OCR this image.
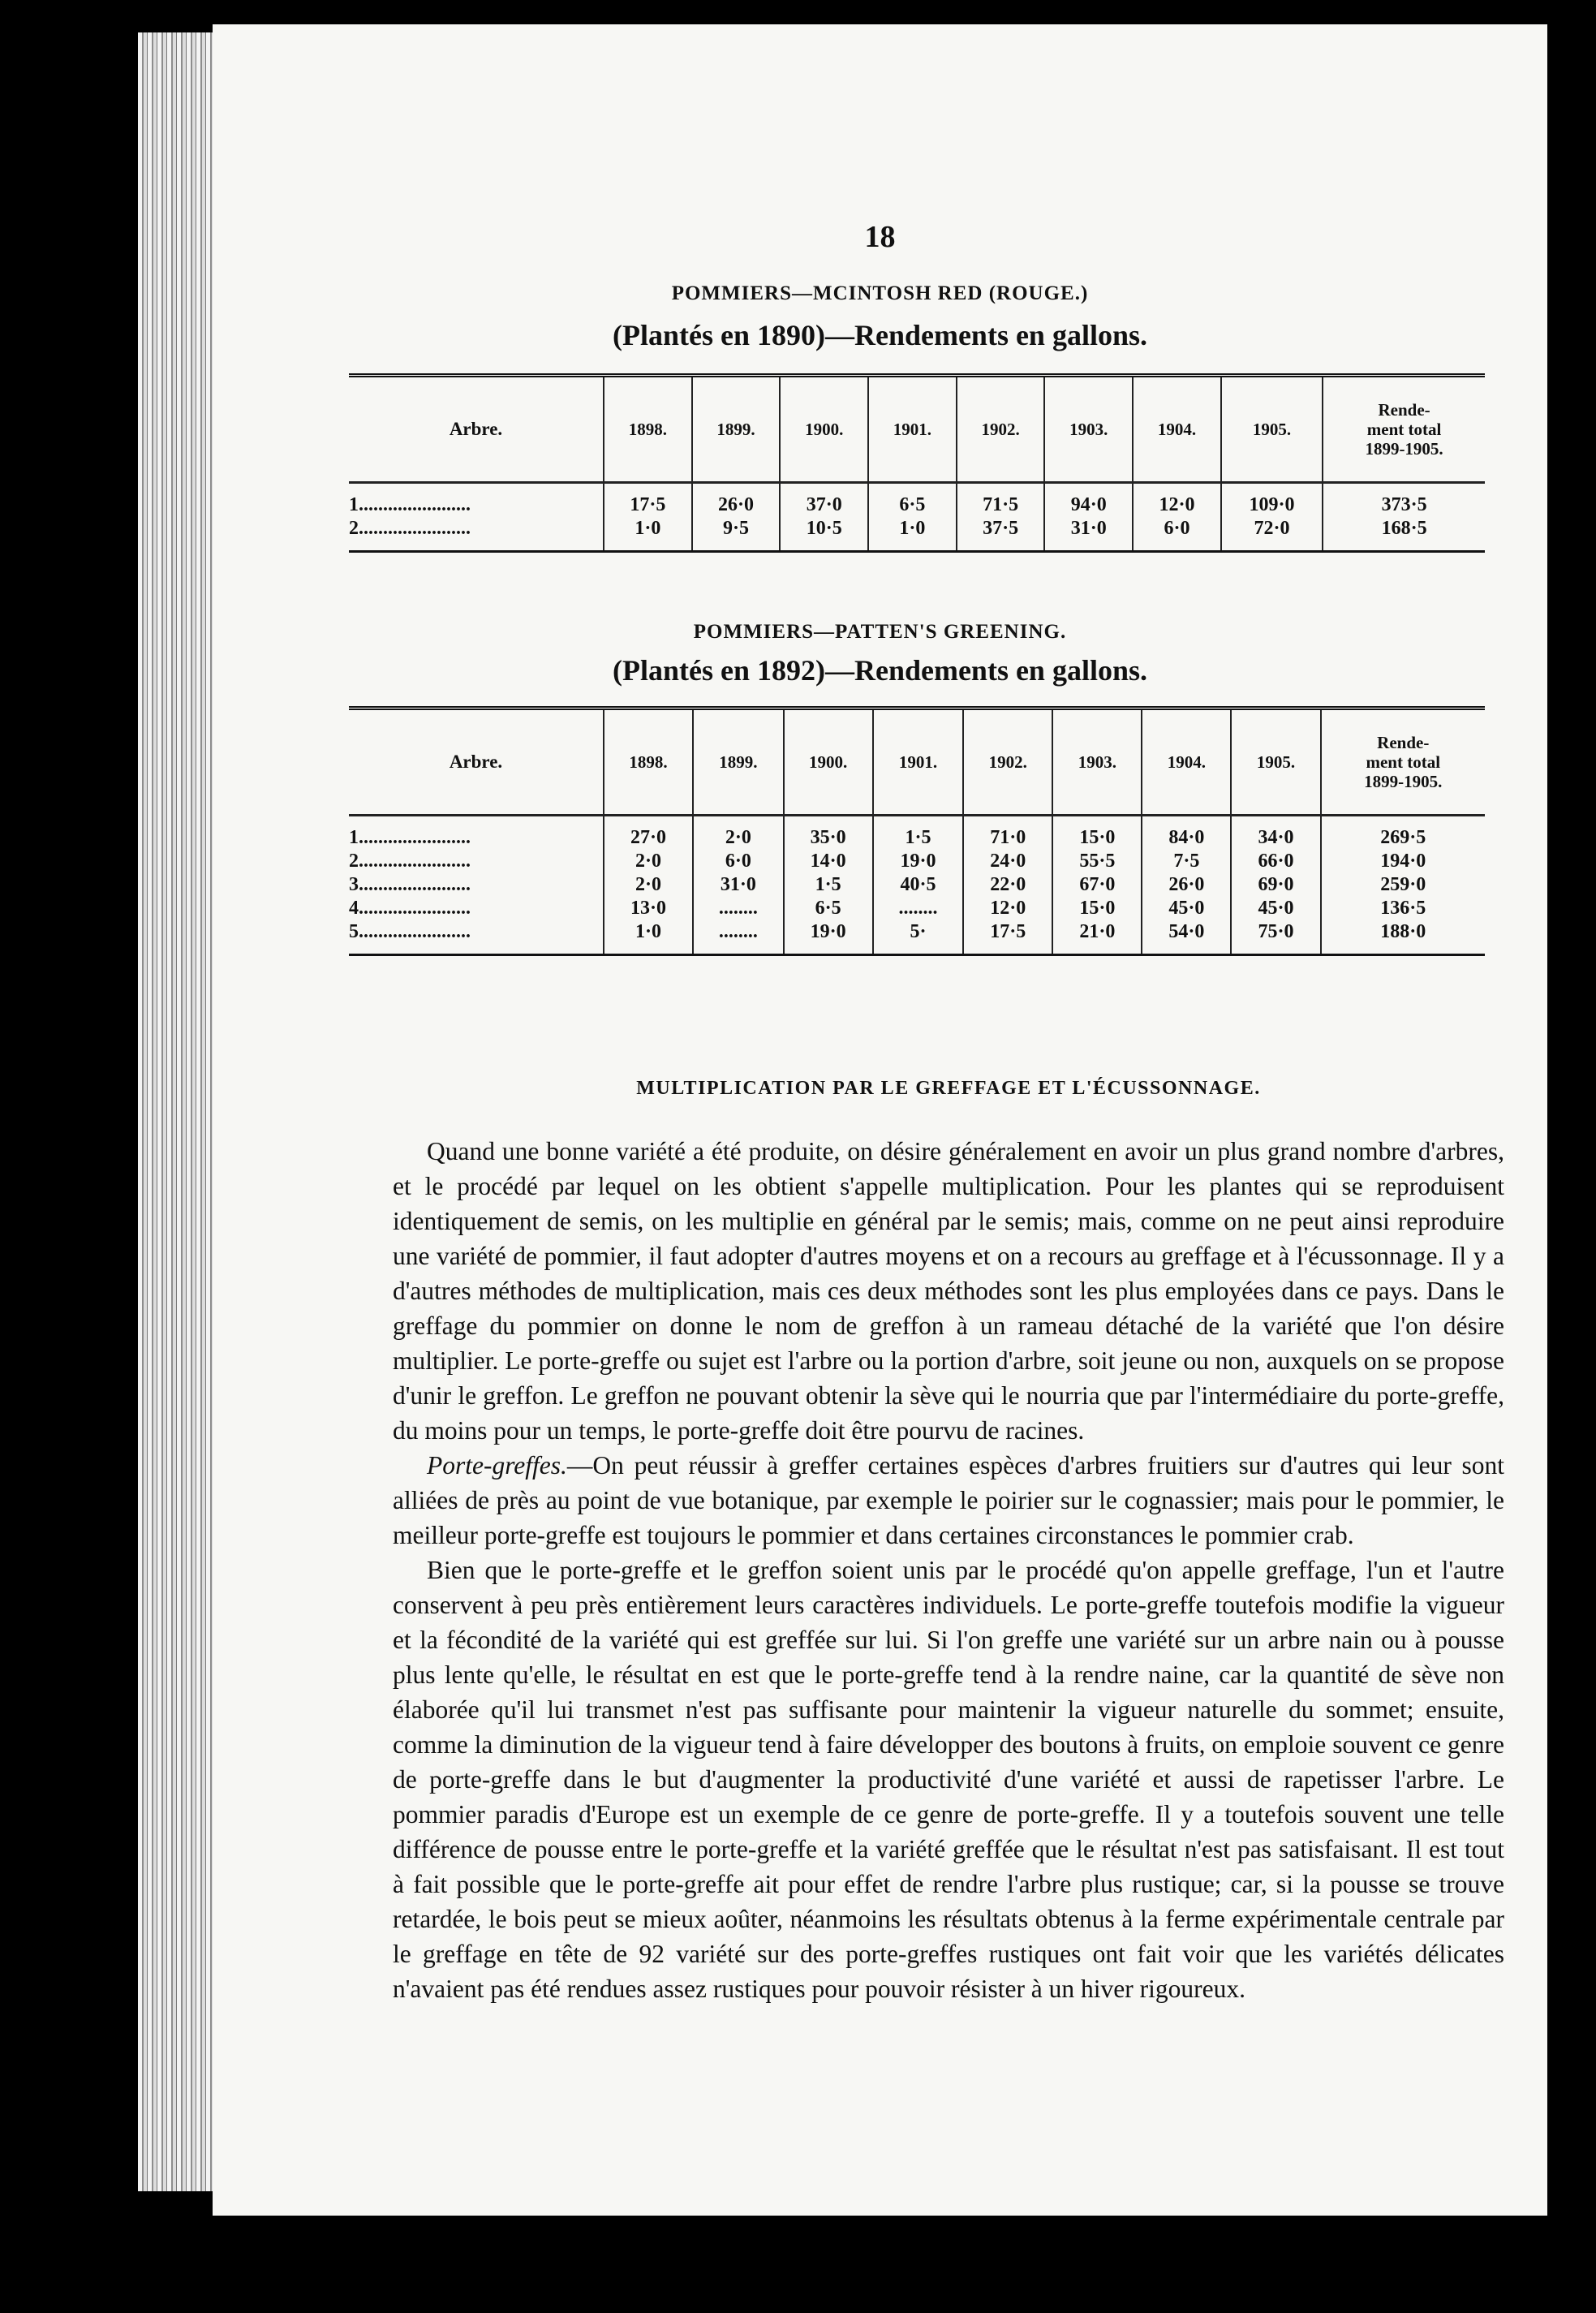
18
POMMIERS—MCINTOSH RED (ROUGE.)
(Plantés en 1890)—Rendements en gallons.
Arbre.	1898.	1899.	1900.	1901.	1902.	1903.	1904.	1905.	Rende-
ment total
1899-1905.
1.......................	17·5	26·0	37·0	6·5	71·5	94·0	12·0	109·0	373·5
2.......................	1·0	9·5	10·5	1·0	37·5	31·0	6·0	72·0	168·5
POMMIERS—PATTEN'S GREENING.
(Plantés en 1892)—Rendements en gallons.
Arbre.	1898.	1899.	1900.	1901.	1902.	1903.	1904.	1905.	Rende-
ment total
1899-1905.
1.......................	27·0	2·0	35·0	1·5	71·0	15·0	84·0	34·0	269·5
2.......................	2·0	6·0	14·0	19·0	24·0	55·5	7·5	66·0	194·0
3.......................	2·0	31·0	1·5	40·5	22·0	67·0	26·0	69·0	259·0
4.......................	13·0	........	6·5	........	12·0	15·0	45·0	45·0	136·5
5.......................	1·0	........	19·0	5·	17·5	21·0	54·0	75·0	188·0

MULTIPLICATION PAR LE GREFFAGE ET L'ÉCUSSONNAGE.

Quand une bonne variété a été produite, on désire généralement en avoir un plus grand nombre d'arbres, et le procédé par lequel on les obtient s'appelle multiplication. Pour les plantes qui se reproduisent identiquement de semis, on les multiplie en général par le semis; mais, comme on ne peut ainsi reproduire une variété de pommier, il faut adopter d'autres moyens et on a recours au greffage et à l'écussonnage. Il y a d'autres méthodes de multiplication, mais ces deux méthodes sont les plus employées dans ce pays. Dans le greffage du pommier on donne le nom de greffon à un rameau détaché de la variété que l'on désire multiplier. Le porte-greffe ou sujet est l'arbre ou la portion d'arbre, soit jeune ou non, auxquels on se propose d'unir le greffon. Le greffon ne pouvant obtenir la sève qui le nourria que par l'intermédiaire du porte-greffe, du moins pour un temps, le porte-greffe doit être pourvu de racines.

Porte-greffes.—On peut réussir à greffer certaines espèces d'arbres fruitiers sur d'autres qui leur sont alliées de près au point de vue botanique, par exemple le poirier sur le cognassier; mais pour le pommier, le meilleur porte-greffe est toujours le pommier et dans certaines circonstances le pommier crab.

Bien que le porte-greffe et le greffon soient unis par le procédé qu'on appelle greffage, l'un et l'autre conservent à peu près entièrement leurs caractères individuels. Le porte-greffe toutefois modifie la vigueur et la fécondité de la variété qui est greffée sur lui. Si l'on greffe une variété sur un arbre nain ou à pousse plus lente qu'elle, le résultat en est que le porte-greffe tend à la rendre naine, car la quantité de sève non élaborée qu'il lui transmet n'est pas suffisante pour maintenir la vigueur naturelle du sommet; ensuite, comme la diminution de la vigueur tend à faire développer des boutons à fruits, on emploie souvent ce genre de porte-greffe dans le but d'augmenter la productivité d'une variété et aussi de rapetisser l'arbre. Le pommier paradis d'Europe est un exemple de ce genre de porte-greffe. Il y a toutefois souvent une telle différence de pousse entre le porte-greffe et la variété greffée que le résultat n'est pas satisfaisant. Il est tout à fait possible que le porte-greffe ait pour effet de rendre l'arbre plus rustique; car, si la pousse se trouve retardée, le bois peut se mieux aoûter, néanmoins les résultats obtenus à la ferme expérimentale centrale par le greffage en tête de 92 variété sur des porte-greffes rustiques ont fait voir que les variétés délicates n'avaient pas été rendues assez rustiques pour pouvoir résister à un hiver rigoureux.
